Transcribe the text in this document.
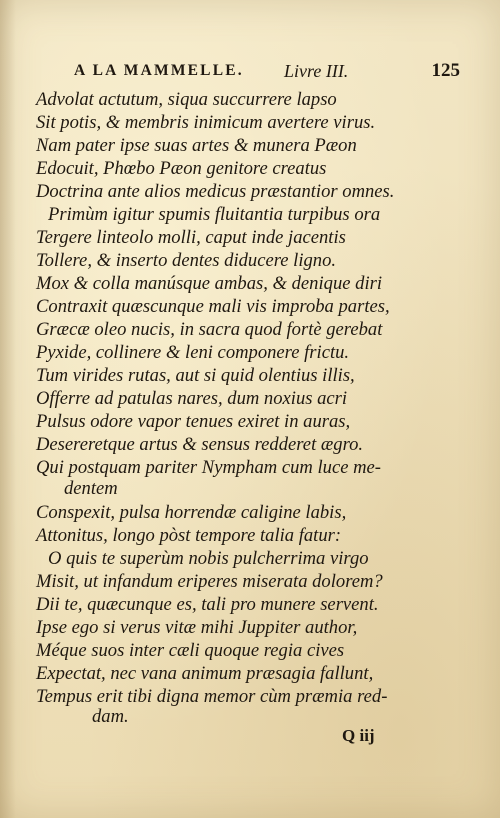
A LA MAMMELLE. Livre III.	125
Advolat actutum, siqua succurrere lapso
Sit potis, & membris inimicum avertere virus.
Nam pater ipse suas artes & munera Pæon
Edocuit, Phœbo Pæon genitore creatus
Doctrina ante alios medicus præstantior omnes.
Primùm igitur spumis fluitantia turpibus ora
Tergere linteolo molli, caput inde jacentis
Tollere, & inserto dentes diducere ligno.
Mox & colla manúsque ambas, & denique diri
Contraxit quæscunque mali vis improba partes,
Græcæ oleo nucis, in sacra quod fortè gerebat
Pyxide, collinere & leni componere frictu.
Tum virides rutas, aut si quid olentius illis,
Offerre ad patulas nares, dum noxius acri
Pulsus odore vapor tenues exiret in auras,
Desereretque artus & sensus redderet ægro.
Qui postquam pariter Nympham cum luce me-
dentem
Conspexit, pulsa horrendæ caligine labis,
Attonitus, longo pòst tempore talia fatur:
O quis te superùm nobis pulcherrima virgo
Misit, ut infandum eriperes miserata dolorem?
Dii te, quæcunque es, tali pro munere servent.
Ipse ego si verus vitæ mihi Juppiter author,
Méque suos inter cæli quoque regia cives
Expectat, nec vana animum præsagia fallunt,
Tempus erit tibi digna memor cùm præmia red-
dam.
Q iij
